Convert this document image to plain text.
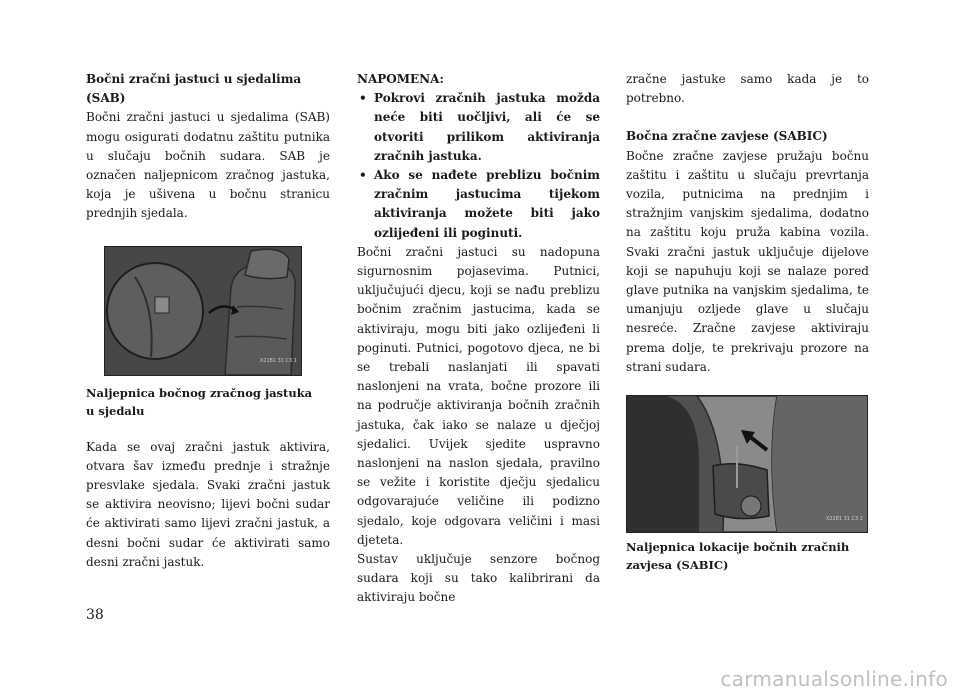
Bočni zračni jastuci u sjedalima

(SAB)

Bočni zračni jastuci u sjedalima (SAB) mogu osigurati dodatnu zaštitu putnika u slučaju bočnih sudara. SAB je označen naljepnicom zračnog jastuka, koja je ušivena u bočnu stranicu prednjih sjedala.

X2281 31 C3 1

Naljepnica bočnog zračnog jastuka

u sjedalu

Kada se ovaj zračni jastuk aktivira, otvara šav između prednje i stražnje presvlake sjedala. Svaki zračni jastuk se aktivira neovisno; lijevi bočni sudar će aktivirati samo lijevi zračni jastuk, a desni bočni sudar će aktivirati samo desni zračni jastuk.

NAPOMENA:

• Pokrovi zračnih jastuka možda neće biti uočljivi, ali će se otvoriti prilikom aktiviranja zračnih jastuka.
• Ako se nađete preblizu bočnim zračnim jastucima tijekom aktiviranja možete biti jako ozlijeđeni ili poginuti.

Bočni zračni jastuci su nadopuna sigurnosnim pojasevima. Putnici, uključujući djecu, koji se nađu preblizu bočnim zračnim jastucima, kada se aktiviraju, mogu biti jako ozlijeđeni li poginuti. Putnici, pogotovo djeca, ne bi se trebali naslanjati ili spavati naslonjeni na vrata, bočne prozore ili na područje aktiviranja bočnih zračnih jastuka, čak iako se nalaze u dječjoj sjedalici. Uvijek sjedite uspravno naslonjeni na naslon sjedala, pravilno se vežite i koristite dječju sjedalicu odgovarajuće veličine ili podizno sjedalo, koje odgovara veličini i masi djeteta.

Sustav uključuje senzore bočnog sudara koji su tako kalibrirani da aktiviraju bočne

zračne jastuke samo kada je to potrebno.

Bočna zračne zavjese (SABIC)

Bočne zračne zavjese pružaju bočnu zaštitu i zaštitu u slučaju prevrtanja vozila, putnicima na prednjim i stražnjim vanjskim sjedalima, dodatno na zaštitu koju pruža kabina vozila. Svaki zračni jastuk uključuje dijelove koji se napuhuju koji se nalaze pored glave putnika na vanjskim sjedalima, te umanjuju ozljede glave u slučaju nesreće. Zračne zavjese aktiviraju prema dolje, te prekrivaju prozore na strani sudara.

X2281 31 C3 2

Naljepnica lokacije bočnih zračnih

zavjesa (SABIC)

38
carmanualsonline.info
